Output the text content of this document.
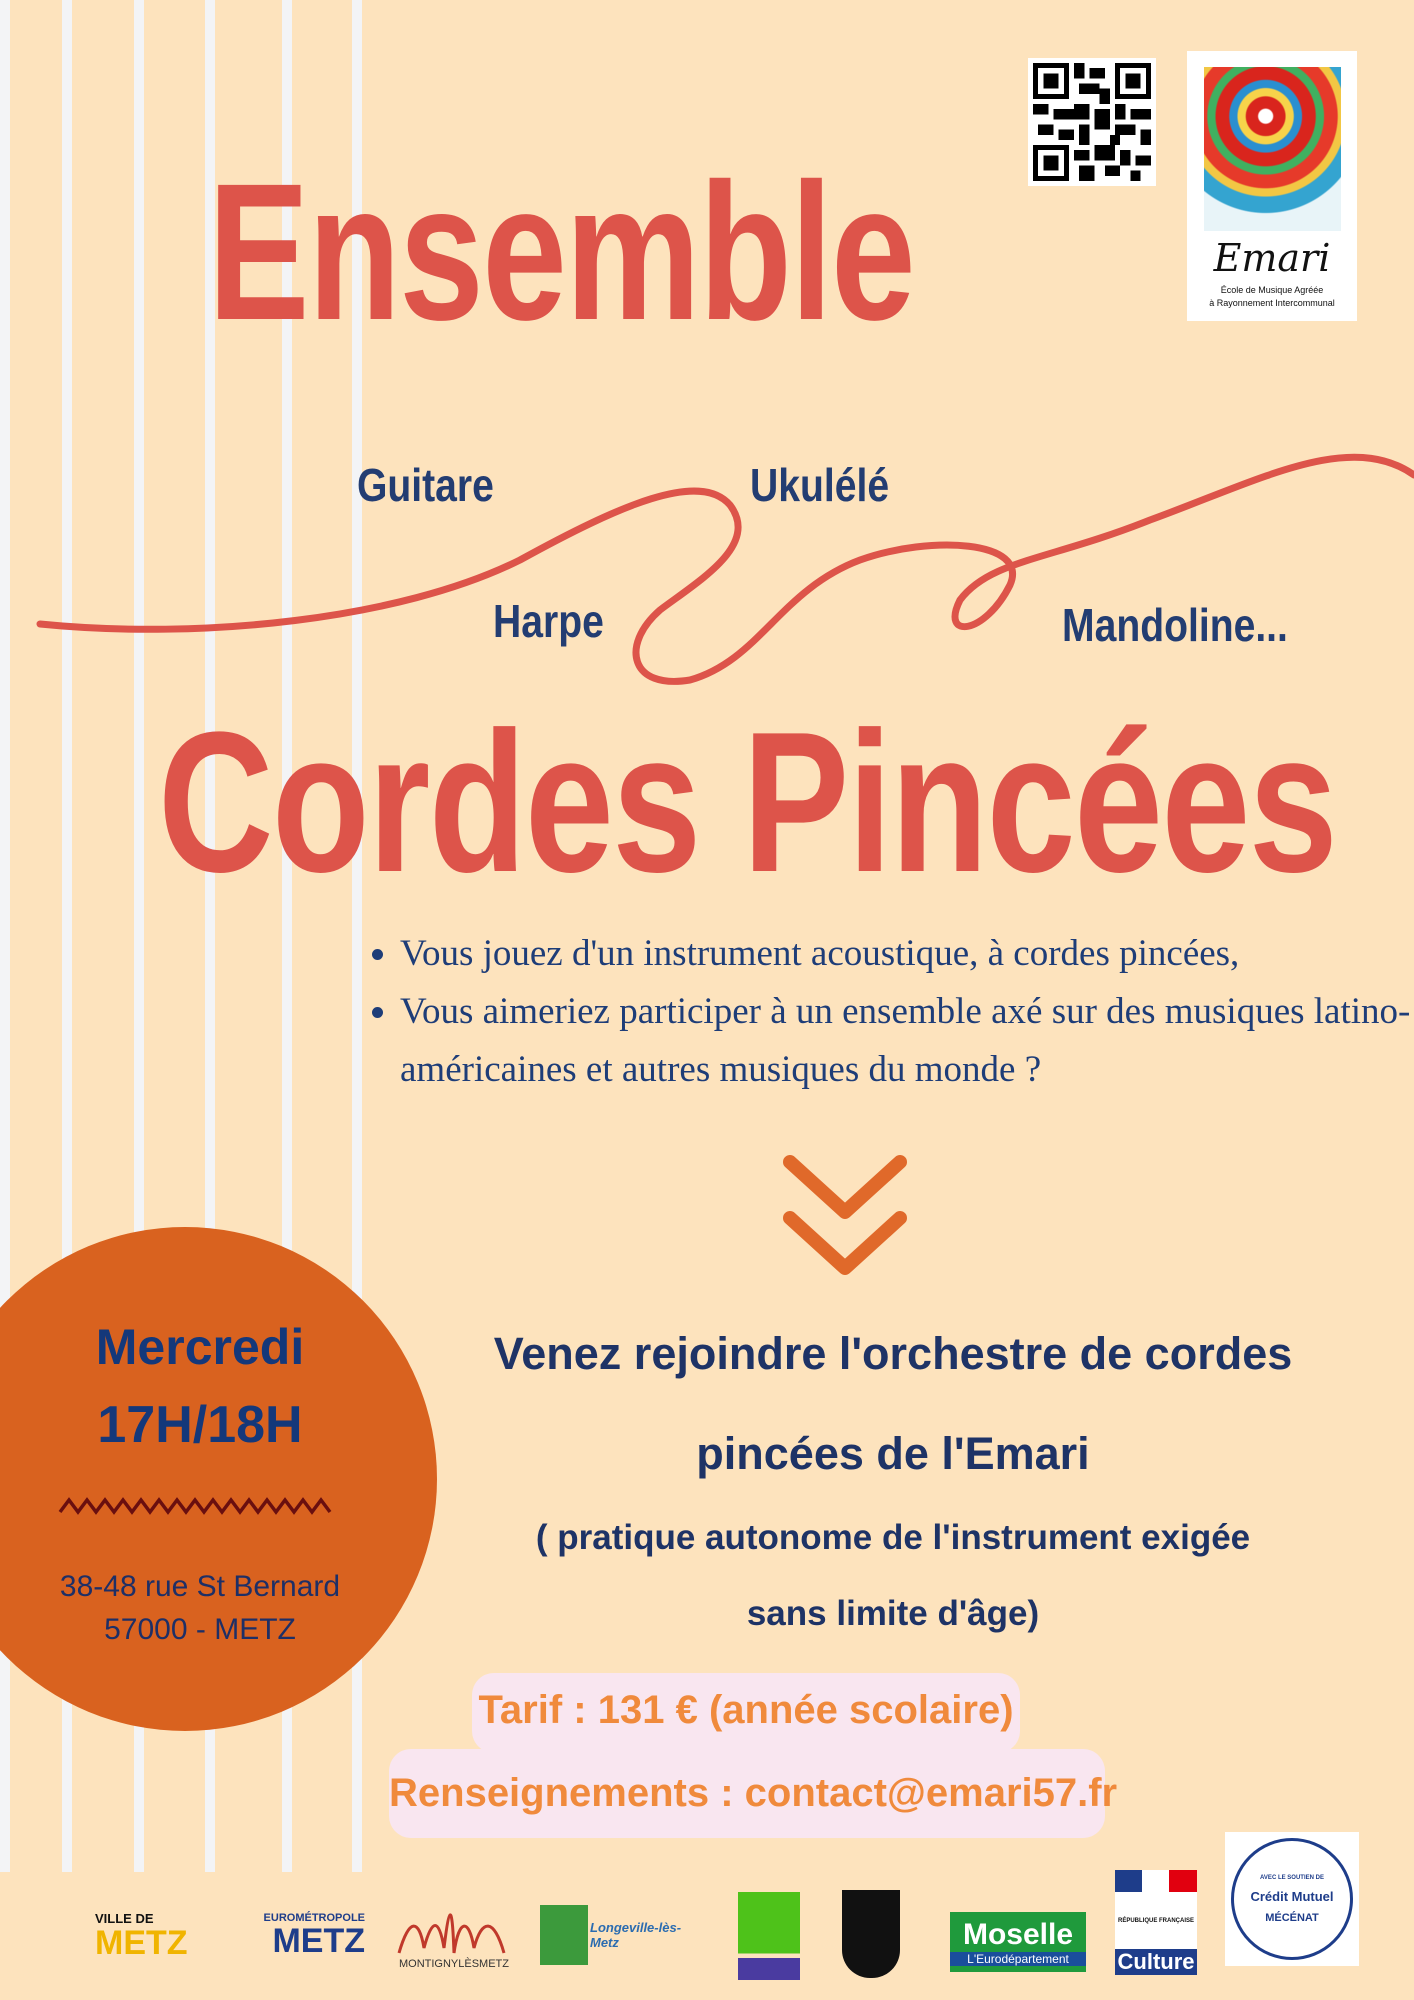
Ensemble	Emari
École de Musique Agréée
à Rayonnement Intercommunal
Guitare	Ukulélé
Harpe	Mandoline...
Cordes Pincées
• Vous jouez d'un instrument acoustique, à cordes pincées,
• Vous aimeriez participer à un ensemble axé sur des musiques latino-américaines et autres musiques du monde ?
Mercredi
17H/18H
38-48 rue St Bernard
57000 - METZ
Venez rejoindre l'orchestre de cordes
pincées de l'Emari
( pratique autonome de l'instrument exigée
sans limite d'âge)
Tarif : 131 € (année scolaire)
Renseignements : contact@emari57.fr
VILLE DE
METZ
EUROMÉTROPOLE
METZ
MONTIGNYLÈSMETZ
Longeville-lès-Metz	Moselle
L'Eurodépartement
RÉPUBLIQUE FRANÇAISE
Culture
AVEC LE SOUTIEN DE
Crédit Mutuel
MÉCÉNAT
